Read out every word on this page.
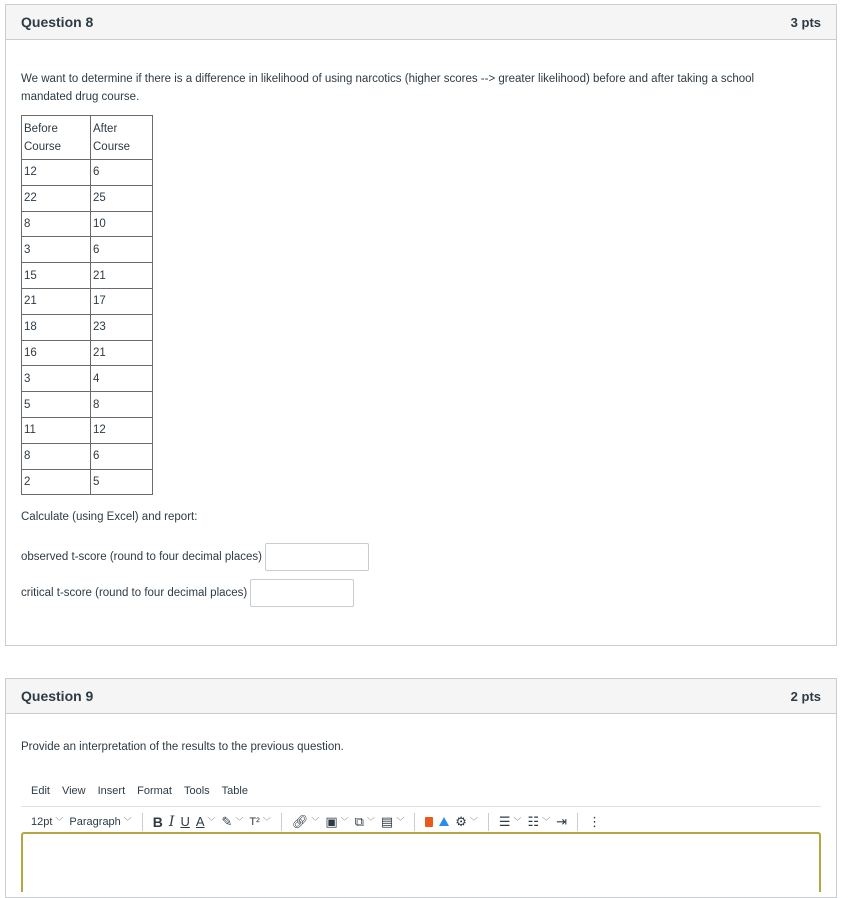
Question 8	3 pts
We want to determine if there is a difference in likelihood of using narcotics (higher scores --> greater likelihood) before and after taking a school mandated drug course.
Before Course	After Course
12	6
22	25
8	10
3	6
15	21
21	17
18	23
16	21
3	4
5	8
11	12
8	6
2	5
Calculate (using Excel) and report:
observed t-score (round to four decimal places)
critical t-score (round to four decimal places)
Question 9	2 pts
Provide an interpretation of the results to the previous question.
Edit View Insert Format Tools Table
12pt ﹀ Paragraph ﹀ B I U A ﹀ ✎ ﹀ T² ﹀ 🔗︎ ﹀ ▣ ﹀ ⧉ ﹀ ▤ ﹀	⚙ ﹀ ☰ ﹀ ☷ ﹀ ⇥ ⋮
